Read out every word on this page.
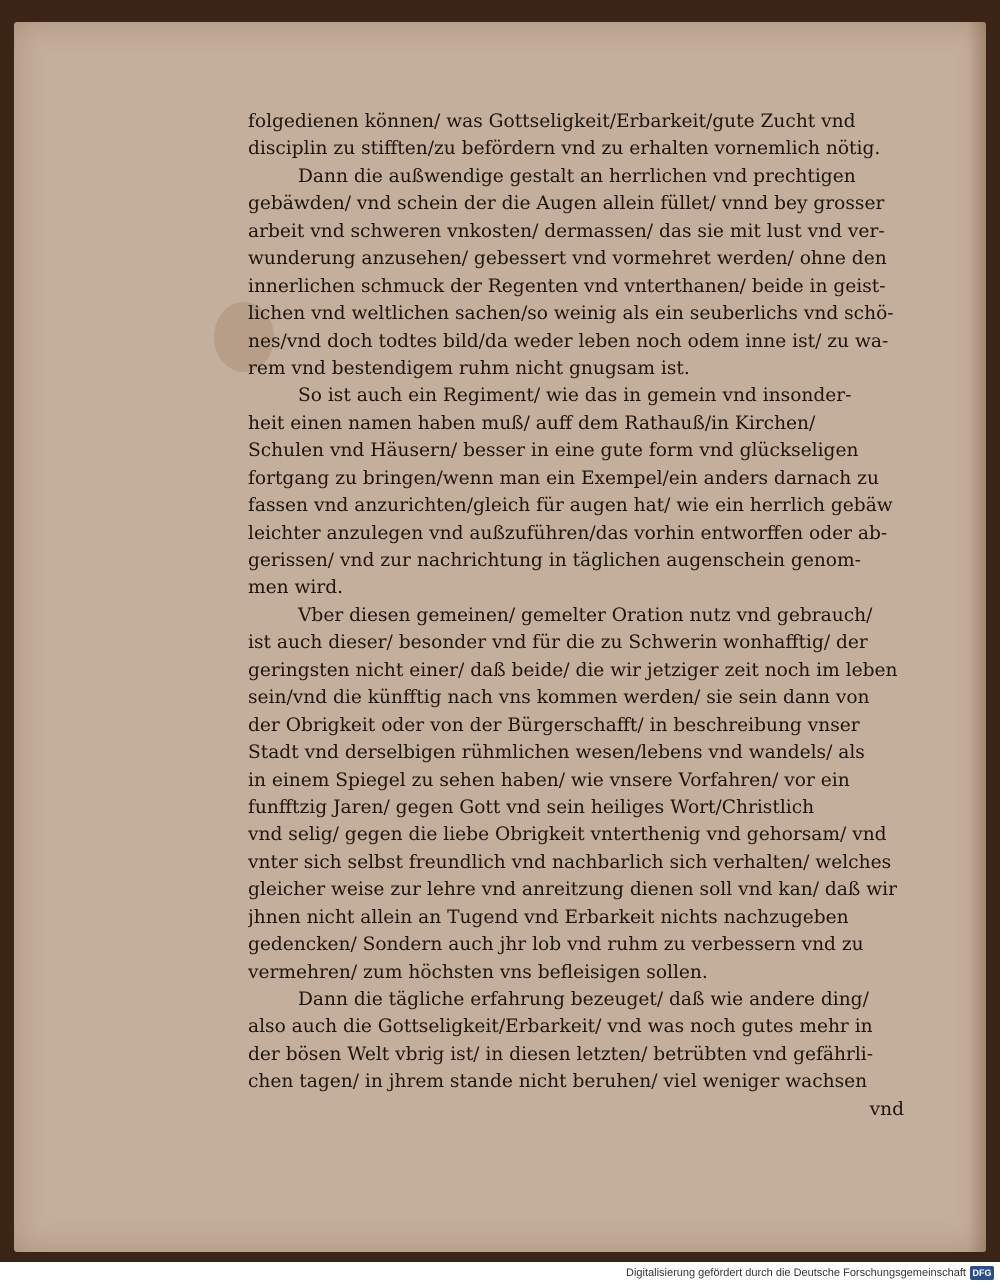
folgedienen können/ was Gottseligkeit/Erbarkeit/gute Zucht vnd
disciplin zu stifften/zu befördern vnd zu erhalten vornemlich nötig.
Dann die außwendige gestalt an herrlichen vnd prechtigen
gebäwden/ vnd schein der die Augen allein füllet/ vnnd bey grosser
arbeit vnd schweren vnkosten/ dermassen/ das sie mit lust vnd ver-
wunderung anzusehen/ gebessert vnd vormehret werden/ ohne den
innerlichen schmuck der Regenten vnd vnterthanen/ beide in geist-
lichen vnd weltlichen sachen/so weinig als ein seuberlichs vnd schö-
nes/vnd doch todtes bild/da weder leben noch odem inne ist/ zu wa-
rem vnd bestendigem ruhm nicht gnugsam ist.
So ist auch ein Regiment/ wie das in gemein vnd insonder-
heit einen namen haben muß/ auff dem Rathauß/in Kirchen/
Schulen vnd Häusern/ besser in eine gute form vnd glückseligen
fortgang zu bringen/wenn man ein Exempel/ein anders darnach zu
fassen vnd anzurichten/gleich für augen hat/ wie ein herrlich gebäw
leichter anzulegen vnd außzuführen/das vorhin entworffen oder ab-
gerissen/ vnd zur nachrichtung in täglichen augenschein genom-
men wird.
Vber diesen gemeinen/ gemelter Oration nutz vnd gebrauch/
ist auch dieser/ besonder vnd für die zu Schwerin wonhafftig/ der
geringsten nicht einer/ daß beide/ die wir jetziger zeit noch im leben
sein/vnd die künfftig nach vns kommen werden/ sie sein dann von
der Obrigkeit oder von der Bürgerschafft/ in beschreibung vnser
Stadt vnd derselbigen rühmlichen wesen/lebens vnd wandels/ als
in einem Spiegel zu sehen haben/ wie vnsere Vorfahren/ vor ein
funfftzig Jaren/ gegen Gott vnd sein heiliges Wort/Christlich
vnd selig/ gegen die liebe Obrigkeit vnterthenig vnd gehorsam/ vnd
vnter sich selbst freundlich vnd nachbarlich sich verhalten/ welches
gleicher weise zur lehre vnd anreitzung dienen soll vnd kan/ daß wir
jhnen nicht allein an Tugend vnd Erbarkeit nichts nachzugeben
gedencken/ Sondern auch jhr lob vnd ruhm zu verbessern vnd zu
vermehren/ zum höchsten vns befleisigen sollen.
Dann die tägliche erfahrung bezeuget/ daß wie andere ding/
also auch die Gottseligkeit/Erbarkeit/ vnd was noch gutes mehr in
der bösen Welt vbrig ist/ in diesen letzten/ betrübten vnd gefährli-
chen tagen/ in jhrem stande nicht beruhen/ viel weniger wachsen
vnd
Digitalisierung gefördert durch die Deutsche Forschungsgemeinschaft DFG
